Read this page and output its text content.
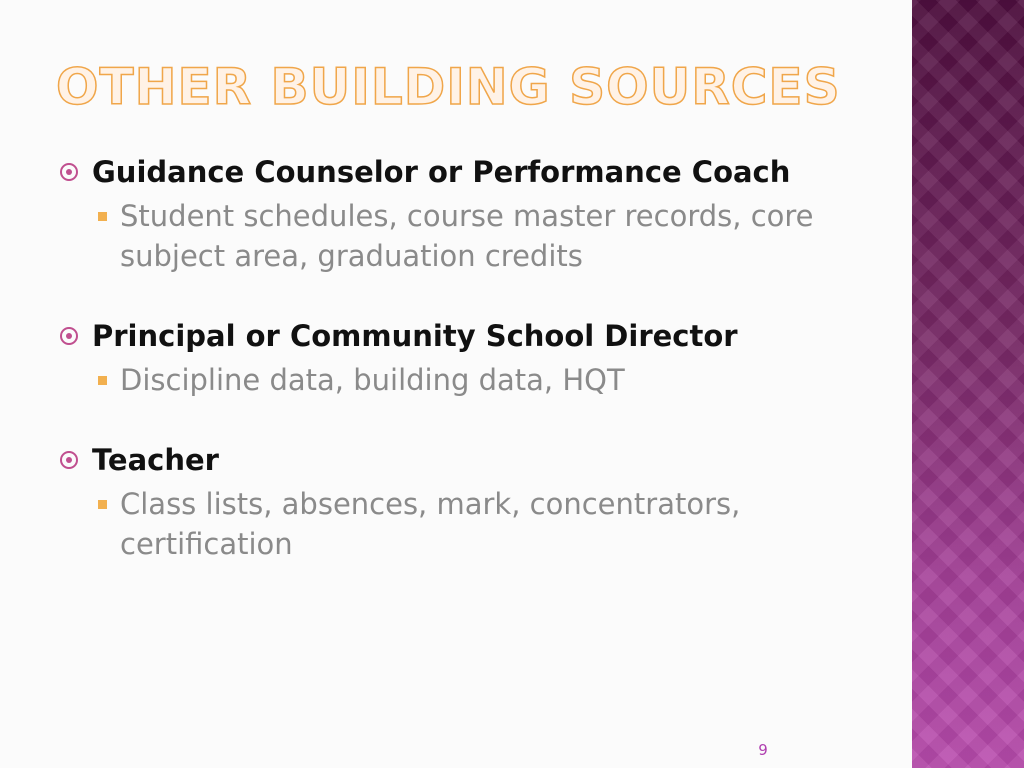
OTHER BUILDING SOURCES
Guidance Counselor or Performance Coach
Student schedules, course master records, core subject area, graduation credits
Principal or Community School Director
Discipline data, building data, HQT
Teacher
Class lists, absences, mark, concentrators, certification
9
